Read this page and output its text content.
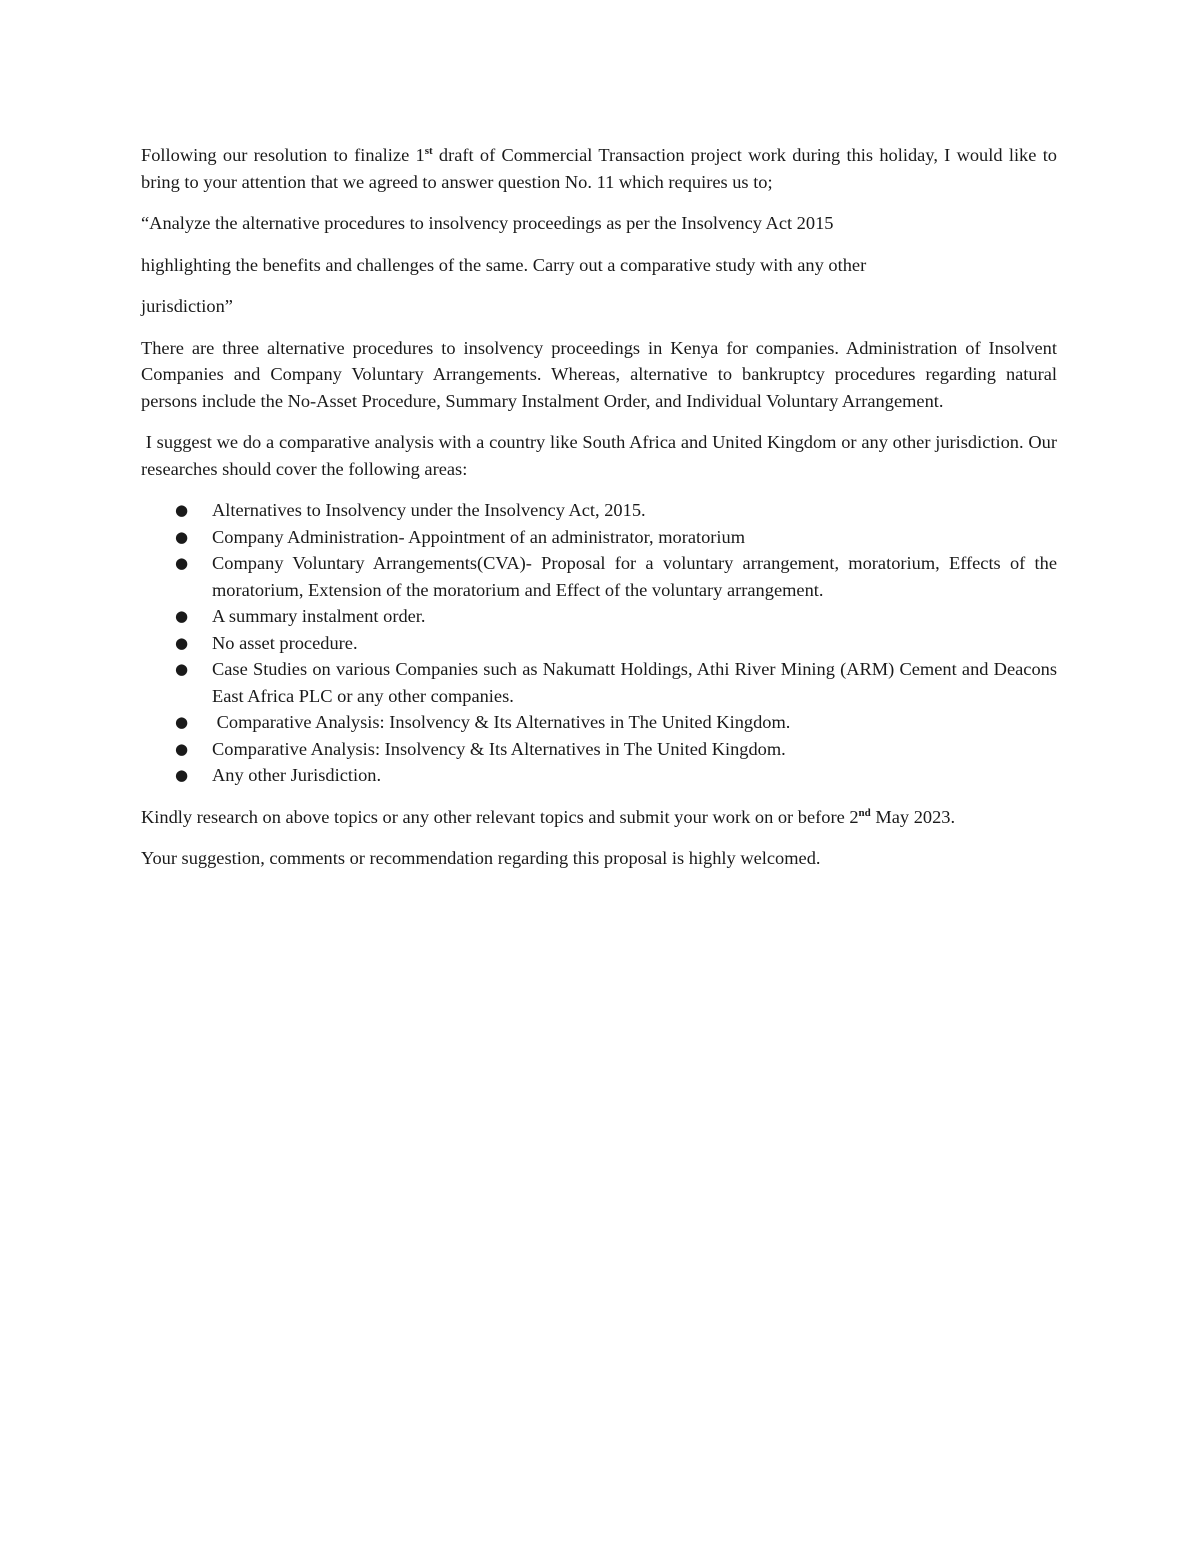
Following our resolution to finalize 1st draft of Commercial Transaction project work during this holiday, I would like to bring to your attention that we agreed to answer question No. 11 which requires us to;

“Analyze the alternative procedures to insolvency proceedings as per the Insolvency Act 2015

highlighting the benefits and challenges of the same. Carry out a comparative study with any other

jurisdiction”

There are three alternative procedures to insolvency proceedings in Kenya for companies. Administration of Insolvent Companies and Company Voluntary Arrangements. Whereas, alternative to bankruptcy procedures regarding natural persons include the No-Asset Procedure, Summary Instalment Order, and Individual Voluntary Arrangement.

I suggest we do a comparative analysis with a country like South Africa and United Kingdom or any other jurisdiction. Our researches should cover the following areas:

● Alternatives to Insolvency under the Insolvency Act, 2015.
● Company Administration- Appointment of an administrator, moratorium
● Company Voluntary Arrangements(CVA)- Proposal for a voluntary arrangement, moratorium, Effects of the moratorium, Extension of the moratorium and Effect of the voluntary arrangement.
● A summary instalment order.
● No asset procedure.
● Case Studies on various Companies such as Nakumatt Holdings, Athi River Mining (ARM) Cement and Deacons East Africa PLC or any other companies.
● Comparative Analysis: Insolvency & Its Alternatives in The United Kingdom.
● Comparative Analysis: Insolvency & Its Alternatives in The United Kingdom.
● Any other Jurisdiction.

Kindly research on above topics or any other relevant topics and submit your work on or before 2nd May 2023.

Your suggestion, comments or recommendation regarding this proposal is highly welcomed.
